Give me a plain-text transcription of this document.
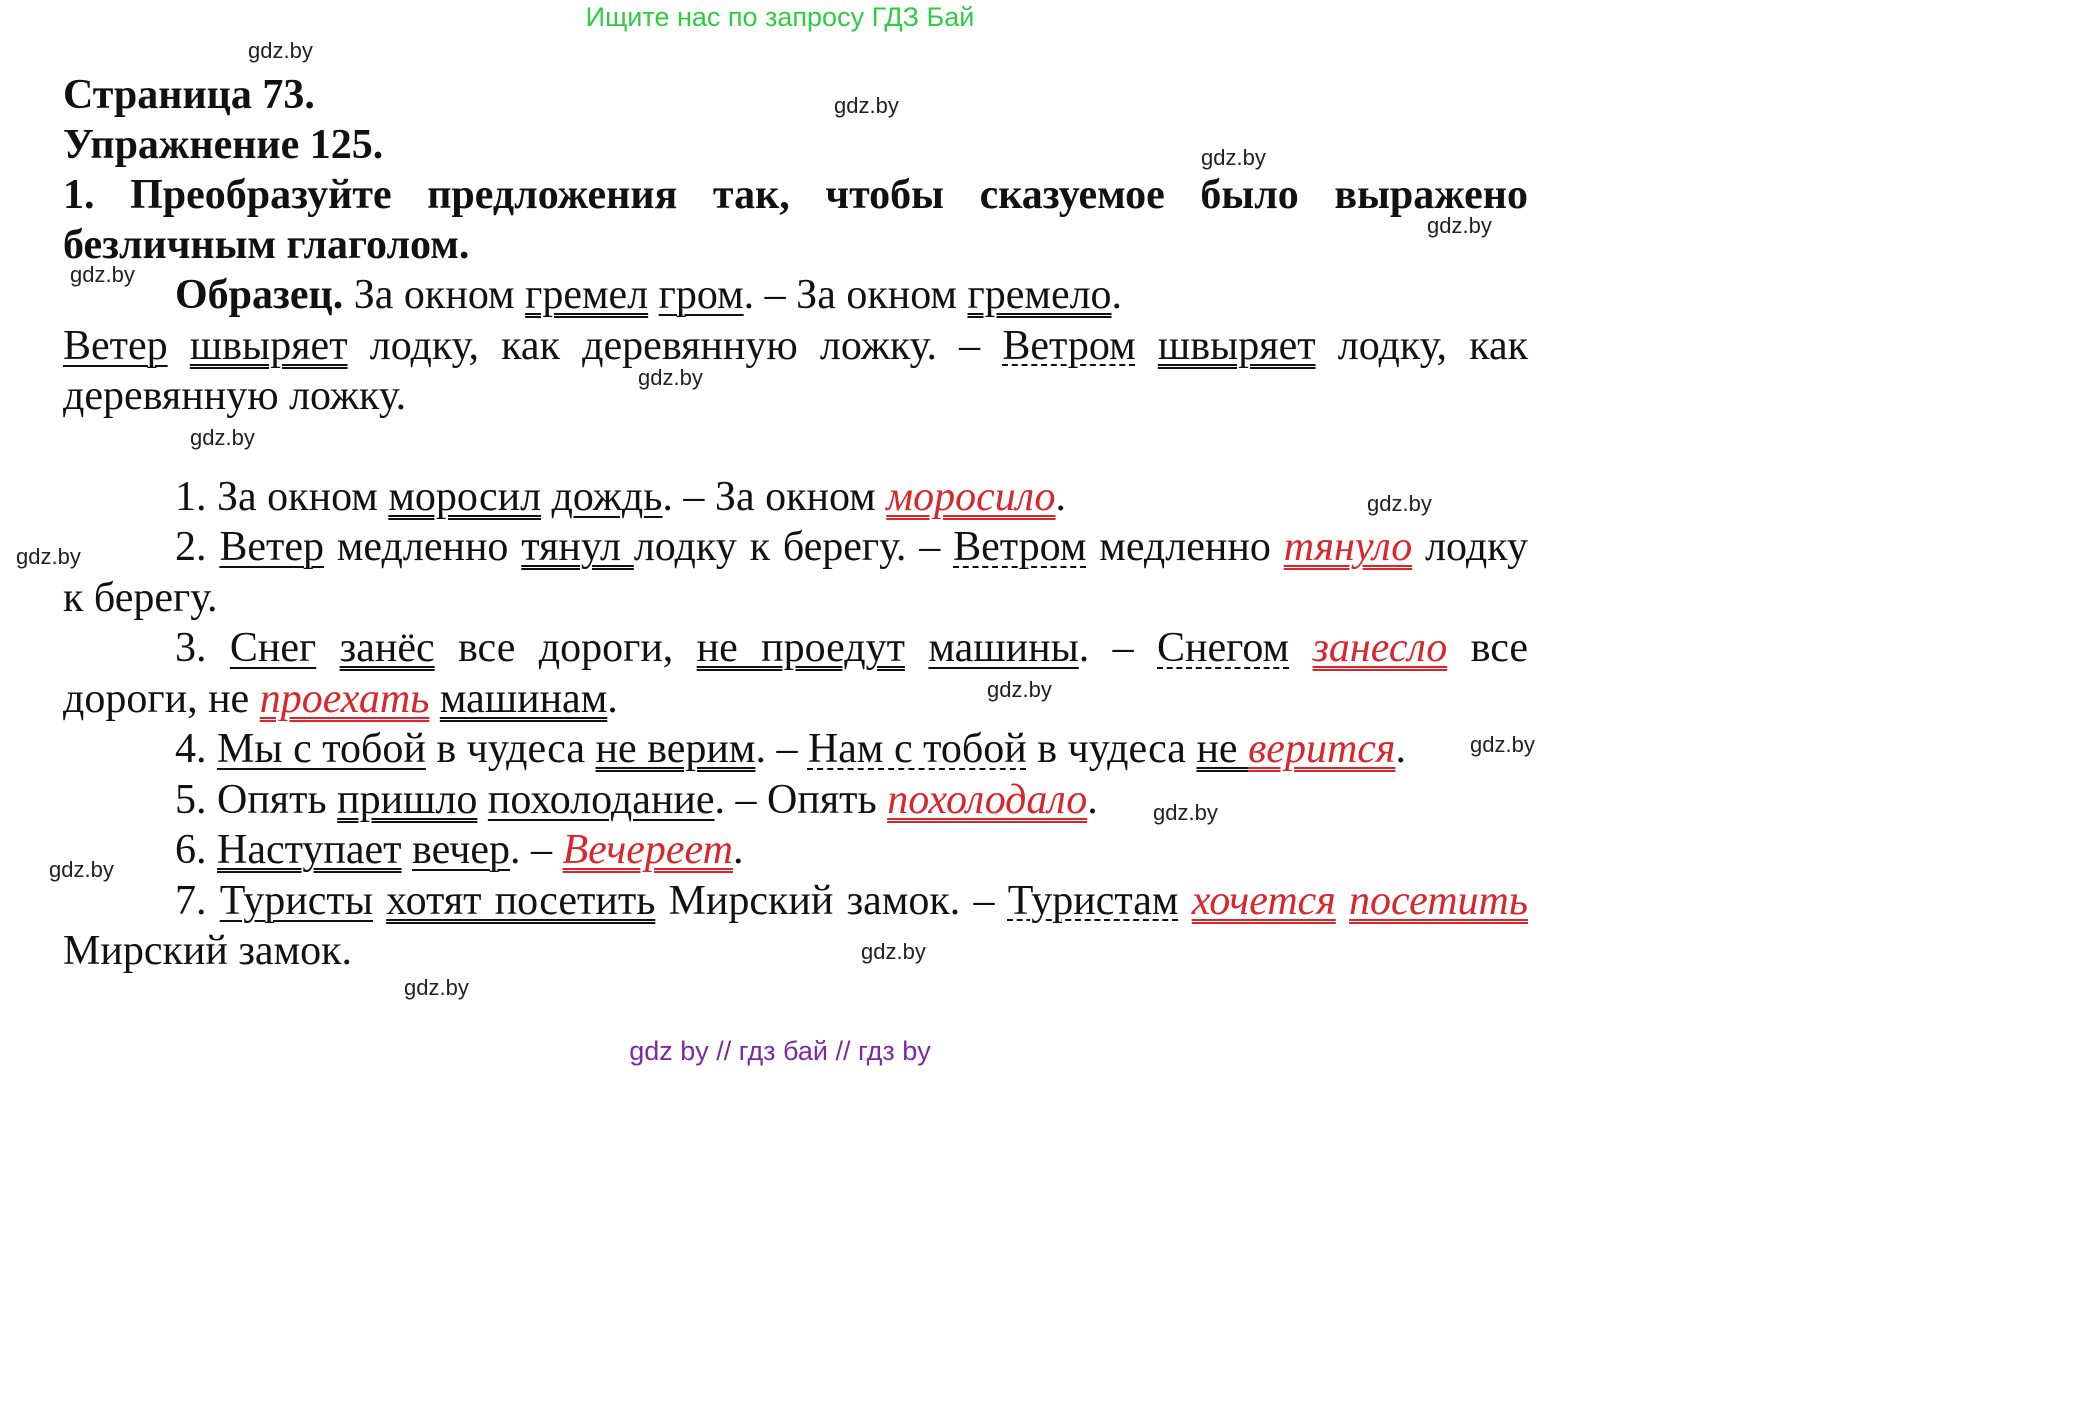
Ищите нас по запросу ГДЗ Бай
gdz.by
gdz.by
gdz.by
gdz.by
gdz.by
gdz.by
gdz.by
gdz.by
gdz.by
gdz.by
gdz.by
gdz.by
gdz.by
gdz.by
gdz.by

Страница 73.

Упражнение 125.

1. Преобразуйте предложения так, чтобы сказуемое было выражено безличным глаголом.

Образец. За окном гремел гром. – За окном гремело.

Ветер швыряет лодку, как деревянную ложку. – Ветром швыряет лодку, как деревянную ложку.

1. За окном моросил дождь. – За окном моросило.

2. Ветер медленно тянул лодку к берегу. – Ветром медленно тянуло лодку к берегу.

3. Снег занёс все дороги, не проедут машины. – Снегом занесло все дороги, не проехать машинам.

4. Мы с тобой в чудеса не верим. – Нам с тобой в чудеса не верится.

5. Опять пришло похолодание. – Опять похолодало.

6. Наступает вечер. – Вечереет.

7. Туристы хотят посетить Мирский замок. – Туристам хочется посетить Мирский замок.

gdz by // гдз бай // гдз by
